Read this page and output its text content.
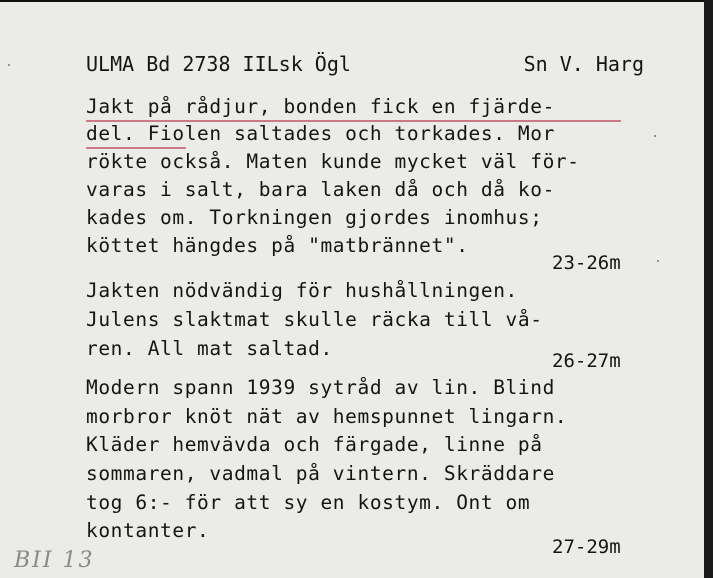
ULMA Bd 2738 IILsk Ögl	Sn V. Harg
Jakt på rådjur, bonden fick en fjärde-
del. Fiolen saltades och torkades. Mor
rökte också. Maten kunde mycket väl för-
varas i salt, bara laken då och då ko-
kades om. Torkningen gjordes inomhus;
köttet hängdes på "matbrännet".
23-26m
Jakten nödvändig för hushållningen.
Julens slaktmat skulle räcka till vå-
ren. All mat saltad.
26-27m
Modern spann 1939 sytråd av lin. Blind
morbror knöt nät av hemspunnet lingarn.
Kläder hemvävda och färgade, linne på
sommaren, vadmal på vintern. Skräddare
tog 6:- för att sy en kostym. Ont om
kontanter.
27-29m
BII 13
